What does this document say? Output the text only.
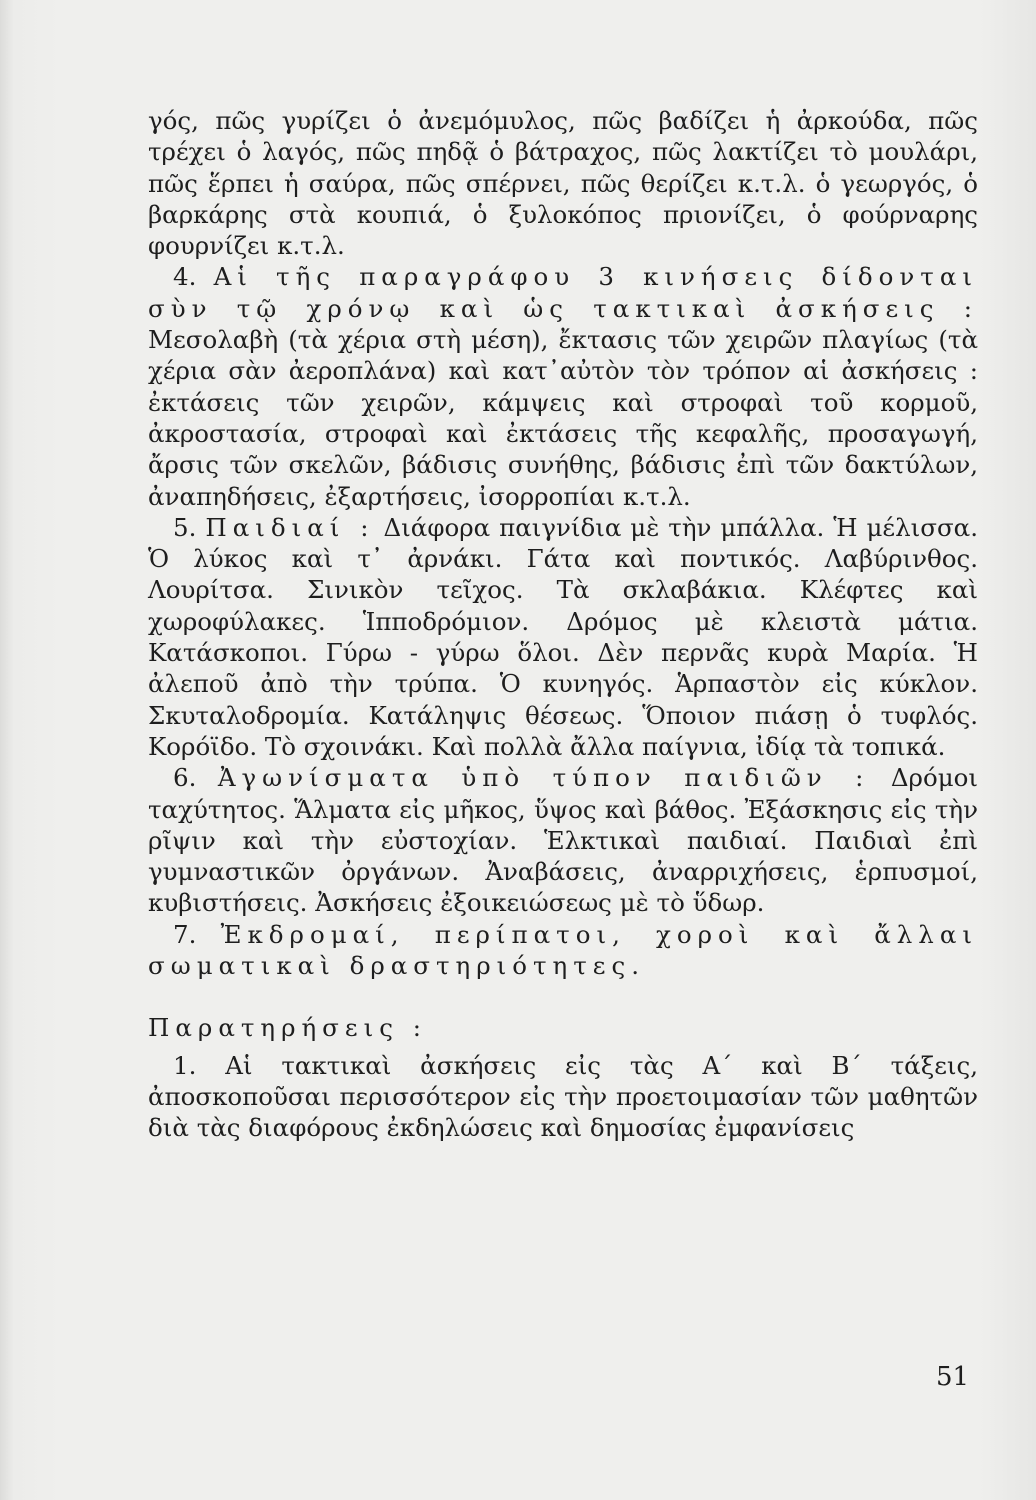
γός, πῶς γυρίζει ὁ ἀνεμόμυλος, πῶς βαδίζει ἡ ἀρκούδα, πῶς τρέχει ὁ λαγός, πῶς πηδᾷ ὁ βάτραχος, πῶς λακτίζει τὸ μουλάρι, πῶς ἕρπει ἡ σαύρα, πῶς σπέρνει, πῶς θερίζει κ.τ.λ. ὁ γεωργός, ὁ βαρκάρης στὰ κουπιά, ὁ ξυλοκόπος πριονίζει, ὁ φούρναρης φουρνίζει κ.τ.λ.

4. Αἱ τῆς παραγράφου 3 κινήσεις δίδονται σὺν τῷ χρόνῳ καὶ ὡς τακτικαὶ ἀσκήσεις : Μεσολαβὴ (τὰ χέρια στὴ μέση), ἔκτασις τῶν χειρῶν πλαγίως (τὰ χέρια σὰν ἀεροπλάνα) καὶ κατ᾿αὐτὸν τὸν τρόπον αἱ ἀσκήσεις : ἐκτάσεις τῶν χειρῶν, κάμψεις καὶ στροφαὶ τοῦ κορμοῦ, ἀκροστασία, στροφαὶ καὶ ἐκτάσεις τῆς κεφαλῆς, προσαγωγή, ἄρσις τῶν σκελῶν, βάδισις συνήθης, βάδισις ἐπὶ τῶν δακτύλων, ἀναπηδήσεις, ἐξαρτήσεις, ἰσορροπίαι κ.τ.λ.

5. Παιδιαί : Διάφορα παιγνίδια μὲ τὴν μπάλλα. Ἡ μέλισσα. Ὁ λύκος καὶ τ᾿ ἀρνάκι. Γάτα καὶ ποντικός. Λαβύρινθος. Λουρίτσα. Σινικὸν τεῖχος. Τὰ σκλαβάκια. Κλέφτες καὶ χωροφύλακες. Ἱπποδρόμιον. Δρόμος μὲ κλειστὰ μάτια. Κατάσκοποι. Γύρω - γύρω ὅλοι. Δὲν περνᾶς κυρὰ Μαρία. Ἡ ἀλεποῦ ἀπὸ τὴν τρύπα. Ὁ κυνηγός. Ἁρπαστὸν εἰς κύκλον. Σκυταλοδρομία. Κατάληψις θέσεως. Ὅποιον πιάσῃ ὁ τυφλός. Κορόϊδο. Τὸ σχοινάκι. Καὶ πολλὰ ἄλλα παίγνια, ἰδίᾳ τὰ τοπικά.

6. Ἀγωνίσματα ὑπὸ τύπον παιδιῶν : Δρόμοι ταχύτητος. Ἅλματα εἰς μῆκος, ὕψος καὶ βάθος. Ἐξάσκησις εἰς τὴν ρῖψιν καὶ τὴν εὐστοχίαν. Ἑλκτικαὶ παιδιαί. Παιδιαὶ ἐπὶ γυμναστικῶν ὀργάνων. Ἀναβάσεις, ἀναρριχήσεις, ἑρπυσμοί, κυβιστήσεις. Ἀσκήσεις ἐξοικειώσεως μὲ τὸ ὕδωρ.

7. Ἐκδρομαί, περίπατοι, χοροὶ καὶ ἄλλαι σωματικαὶ δραστηριότητες.

Παρατηρήσεις :

1. Αἱ τακτικαὶ ἀσκήσεις εἰς τὰς Α΄ καὶ Β΄ τάξεις, ἀποσκοποῦσαι περισσότερον εἰς τὴν προετοιμασίαν τῶν μαθητῶν διὰ τὰς διαφόρους ἐκδηλώσεις καὶ δημοσίας ἐμφανίσεις

51
